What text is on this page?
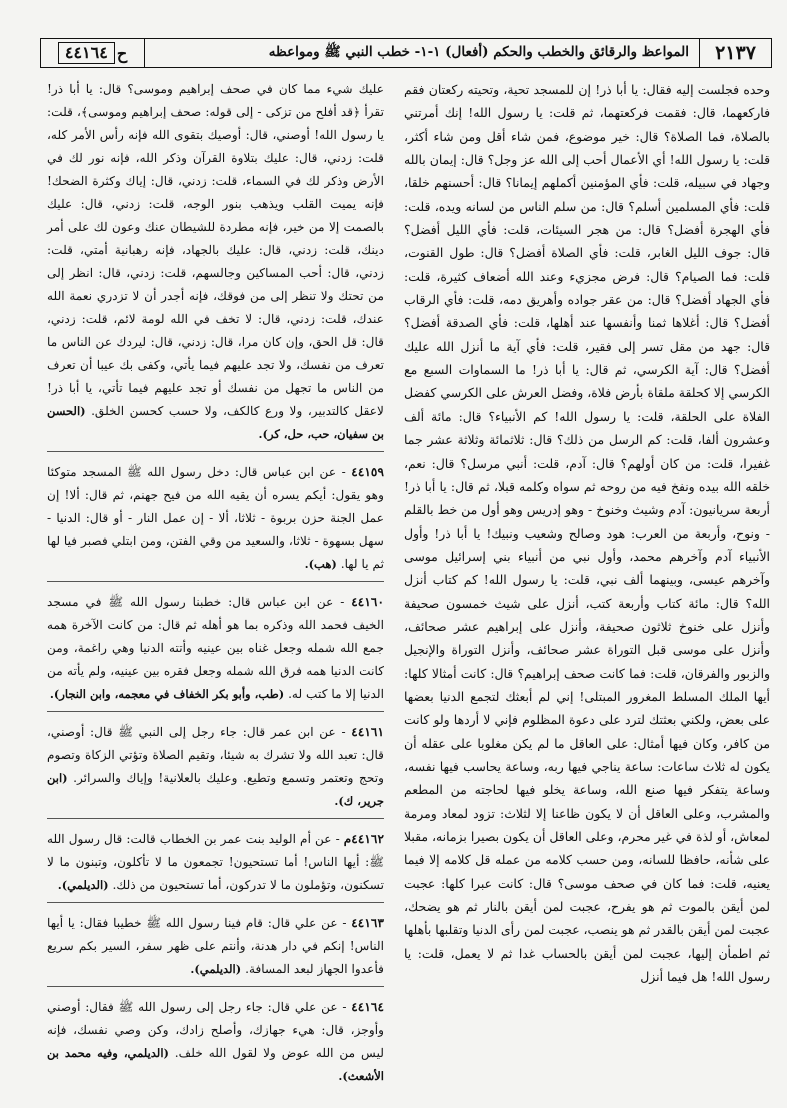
٢١٣٧
المواعظ والرقائق والخطب والحكم (أفعال) ١-١- خطب النبي ﷺ ومواعظه
ح
٤٤١٦٤

وحده فجلست إليه فقال: يا أبا ذر! إن للمسجد تحية، وتحيته ركعتان فقم فاركعهما، قال: فقمت فركعتهما، ثم قلت: يا رسول الله! إنك أمرتني بالصلاة، فما الصلاة؟ قال: خير موضوع، فمن شاء أقل ومن شاء أكثر، قلت: يا رسول الله! أي الأعمال أحب إلى الله عز وجل؟ قال: إيمان بالله وجهاد في سبيله، قلت: فأي المؤمنين أكملهم إيمانا؟ قال: أحسنهم خلقا، قلت: فأي المسلمين أسلم؟ قال: من سلم الناس من لسانه ويده، قلت: فأي الهجرة أفضل؟ قال: من هجر السيئات، قلت: فأي الليل أفضل؟ قال: جوف الليل الغابر، قلت: فأي الصلاة أفضل؟ قال: طول القنوت، قلت: فما الصيام؟ قال: فرض مجزيء وعند الله أضعاف كثيرة، قلت: فأي الجهاد أفضل؟ قال: من عقر جواده وأهريق دمه، قلت: فأي الرقاب أفضل؟ قال: أغلاها ثمنا وأنفسها عند أهلها، قلت: فأي الصدقة أفضل؟ قال: جهد من مقل تسر إلى فقير، قلت: فأي آية ما أنزل الله عليك أفضل؟ قال: آية الكرسي، ثم قال: يا أبا ذر! ما السماوات السبع مع الكرسي إلا كحلقة ملقاة بأرض فلاة، وفضل العرش على الكرسي كفضل الفلاة على الحلقة، قلت: يا رسول الله! كم الأنبياء؟ قال: مائة ألف وعشرون ألفا، قلت: كم الرسل من ذلك؟ قال: ثلاثمائة وثلاثة عشر جما غفيرا، قلت: من كان أولهم؟ قال: آدم، قلت: أنبي مرسل؟ قال: نعم، خلقه الله بيده ونفخ فيه من روحه ثم سواه وكلمه قبلا، ثم قال: يا أبا ذر! أربعة سريانيون: آدم وشيث وخنوخ - وهو إدريس وهو أول من خط بالقلم - ونوح، وأربعة من العرب: هود وصالح وشعيب ونبيك! يا أبا ذر! وأول الأنبياء آدم وآخرهم محمد، وأول نبي من أنبياء بني إسرائيل موسى وآخرهم عيسى، وبينهما ألف نبي، قلت: يا رسول الله! كم كتاب أنزل الله؟ قال: مائة كتاب وأربعة كتب، أنزل على شيث خمسون صحيفة وأنزل على خنوخ ثلاثون صحيفة، وأنزل على إبراهيم عشر صحائف، وأنزل على موسى قبل التوراة عشر صحائف، وأنزل التوراة والإنجيل والزبور والفرقان، قلت: فما كانت صحف إبراهيم؟ قال: كانت أمثالا كلها: أيها الملك المسلط المغرور المبتلى! إني لم أبعثك لتجمع الدنيا بعضها على بعض، ولكني بعثتك لترد على دعوة المظلوم فإني لا أردها ولو كانت من كافر، وكان فيها أمثال: على العاقل ما لم يكن مغلوبا على عقله أن يكون له ثلاث ساعات: ساعة يناجي فيها ربه، وساعة يحاسب فيها نفسه، وساعة يتفكر فيها صنع الله، وساعة يخلو فيها لحاجته من المطعم والمشرب، وعلى العاقل أن لا يكون ظاعنا إلا لثلاث: تزود لمعاد ومرمة لمعاش، أو لذة في غير محرم، وعلى العاقل أن يكون بصيرا بزمانه، مقبلا على شأنه، حافظا للسانه، ومن حسب كلامه من عمله قل كلامه إلا فيما يعنيه، قلت: فما كان في صحف موسى؟ قال: كانت عبرا كلها: عجبت لمن أيقن بالموت ثم هو يفرح، عجبت لمن أيقن بالنار ثم هو يضحك، عجبت لمن أيقن بالقدر ثم هو ينصب، عجبت لمن رأى الدنيا وتقلبها بأهلها ثم اطمأن إليها، عجبت لمن أيقن بالحساب غدا ثم لا يعمل، قلت: يا رسول الله! هل فيما أنزل

عليك شيء مما كان في صحف إبراهيم وموسى؟ قال: يا أبا ذر! تقرأ ﴿قد أفلح من تزكى - إلى قوله: صحف إبراهيم وموسى﴾، قلت: يا رسول الله! أوصني، قال: أوصيك بتقوى الله فإنه رأس الأمر كله، قلت: زدني، قال: عليك بتلاوة القرآن وذكر الله، فإنه نور لك في الأرض وذكر لك في السماء، قلت: زدني، قال: إياك وكثرة الضحك! فإنه يميت القلب ويذهب بنور الوجه، قلت: زدني، قال: عليك بالصمت إلا من خير، فإنه مطردة للشيطان عنك وعون لك على أمر دينك، قلت: زدني، قال: عليك بالجهاد، فإنه رهبانية أمتي، قلت: زدني، قال: أحب المساكين وجالسهم، قلت: زدني، قال: انظر إلى من تحتك ولا تنظر إلى من فوقك، فإنه أجدر أن لا تزدري نعمة الله عندك، قلت: زدني، قال: لا تخف في الله لومة لائم، قلت: زدني، قال: قل الحق، وإن كان مرا، قال: زدني، قال: ليردك عن الناس ما تعرف من نفسك، ولا تجد عليهم فيما يأتي، وكفى بك عيبا أن تعرف من الناس ما تجهل من نفسك أو تجد عليهم فيما تأتي، يا أبا ذر! لاعقل كالتدبير، ولا ورع كالكف، ولا حسب كحسن الخلق. (الحسن بن سفيان، حب، حل، كر).

٤٤١٥٩ - عن ابن عباس قال: دخل رسول الله ﷺ المسجد متوكئا وهو يقول: أيكم يسره أن يقيه الله من فيح جهنم، ثم قال: ألا! إن عمل الجنة حزن بربوة - ثلاثا، ألا - إن عمل النار - أو قال: الدنيا - سهل بسهوة - ثلاثا، والسعيد من وقي الفتن، ومن ابتلي فصبر فيا لها ثم يا لها. (هب).

٤٤١٦٠ - عن ابن عباس قال: خطبنا رسول الله ﷺ في مسجد الخيف فحمد الله وذكره بما هو أهله ثم قال: من كانت الآخرة همه جمع الله شمله وجعل غناه بين عينيه وأتته الدنيا وهي راغمة، ومن كانت الدنيا همه فرق الله شمله وجعل فقره بين عينيه، ولم يأته من الدنيا إلا ما كتب له. (طب، وأبو بكر الخفاف في معجمه، وابن النجار).

٤٤١٦١ - عن ابن عمر قال: جاء رجل إلى النبي ﷺ قال: أوصني، قال: تعبد الله ولا تشرك به شيئا، وتقيم الصلاة وتؤتي الزكاة وتصوم وتحج وتعتمر وتسمع وتطيع. وعليك بالعلانية! وإياك والسرائر. (ابن جرير، ك).

٤٤١٦٢م - عن أم الوليد بنت عمر بن الخطاب قالت: قال رسول الله ﷺ: أيها الناس! أما تستحيون! تجمعون ما لا تأكلون، وتبنون ما لا تسكنون، وتؤملون ما لا تدركون، أما تستحيون من ذلك. (الديلمي).

٤٤١٦٣ - عن علي قال: قام فينا رسول الله ﷺ خطيبا فقال: يا أيها الناس! إنكم في دار هدنة، وأنتم على ظهر سفر، السير بكم سريع فأعدوا الجهاز لبعد المسافة. (الديلمي).

٤٤١٦٤ - عن علي قال: جاء رجل إلى رسول الله ﷺ فقال: أوصني وأوجز، قال: هيء جهازك، وأصلح زادك، وكن وصي نفسك، فإنه ليس من الله عوض ولا لقول الله خلف. (الديلمي، وفيه محمد بن الأشعث).
